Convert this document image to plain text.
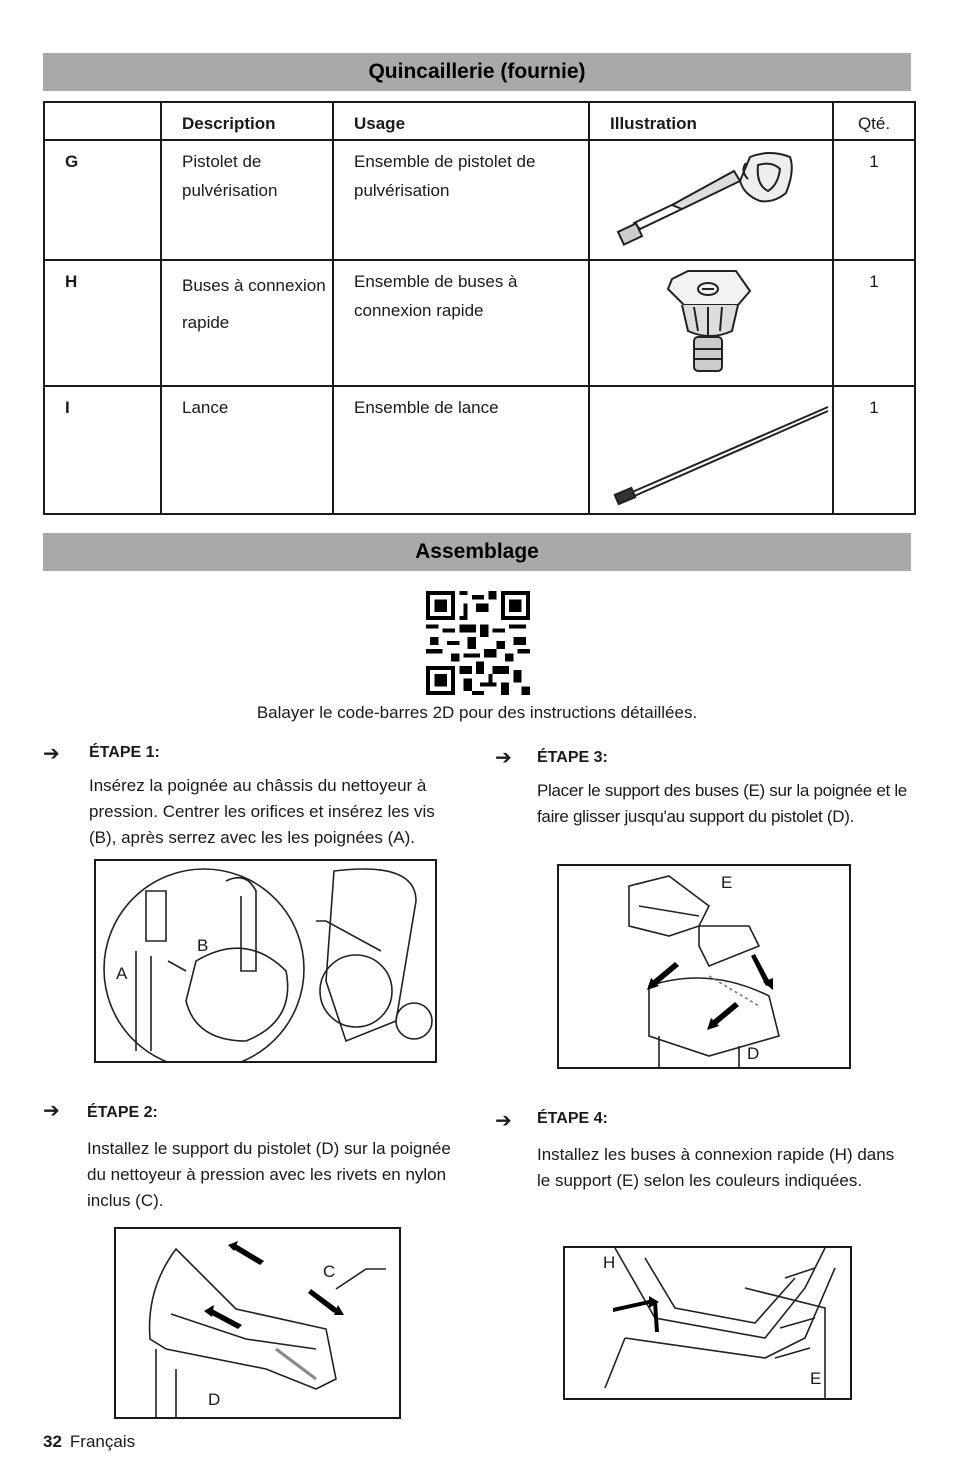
Quincaillerie (fournie)
	Description	Usage	Illustration	Qté.
G	Pistolet de pulvérisation	Ensemble de pistolet de pulvérisation		1
H	Buses à connexion rapide	Ensemble de buses à connexion rapide		1
I	Lance	Ensemble de lance		1
Assemblage
Balayer le code-barres 2D pour des instructions détaillées.
➔ ÉTAPE 1:
Insérez la poignée au châssis du nettoyeur à pression. Centrer les orifices et insérez les vis (B), après serrez avec les les poignées (A).
B
A
➔ ÉTAPE 2:
Installez le support du pistolet (D) sur la poignée du nettoyeur à pression avec les rivets en nylon inclus (C).
C
D
➔ ÉTAPE 3:
Placer le support des buses (E) sur la poignée et le faire glisser jusqu'au support du pistolet (D).
E
D
➔ ÉTAPE 4:
Installez les buses à connexion rapide (H) dans le support (E) selon les couleurs indiquées.
H
E
32 Français
